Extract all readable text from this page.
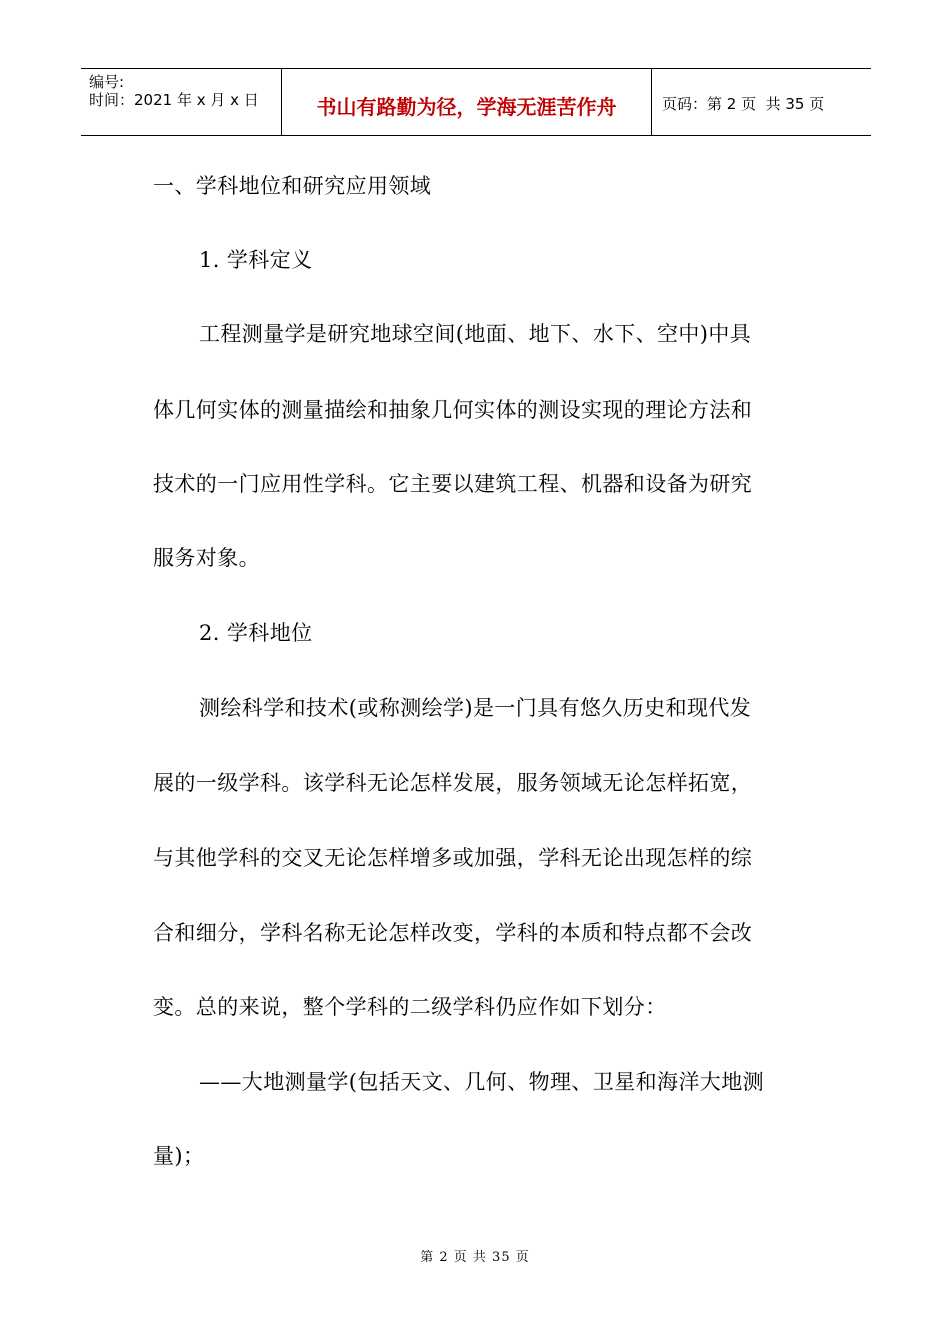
编号:
时间：2021 年 x 月 x 日	书山有路勤为径，学海无涯苦作舟	页码：第 2 页  共 35 页
一、学科地位和研究应用领域
1. 学科定义
工程测量学是研究地球空间(地面、地下、水下、空中)中具
体几何实体的测量描绘和抽象几何实体的测设实现的理论方法和
技术的一门应用性学科。它主要以建筑工程、机器和设备为研究
服务对象。
2. 学科地位
测绘科学和技术(或称测绘学)是一门具有悠久历史和现代发
展的一级学科。该学科无论怎样发展，服务领域无论怎样拓宽，
与其他学科的交叉无论怎样增多或加强，学科无论出现怎样的综
合和细分，学科名称无论怎样改变，学科的本质和特点都不会改
变。总的来说，整个学科的二级学科仍应作如下划分：
——大地测量学(包括天文、几何、物理、卫星和海洋大地测
量)；
第 2 页 共 35 页
